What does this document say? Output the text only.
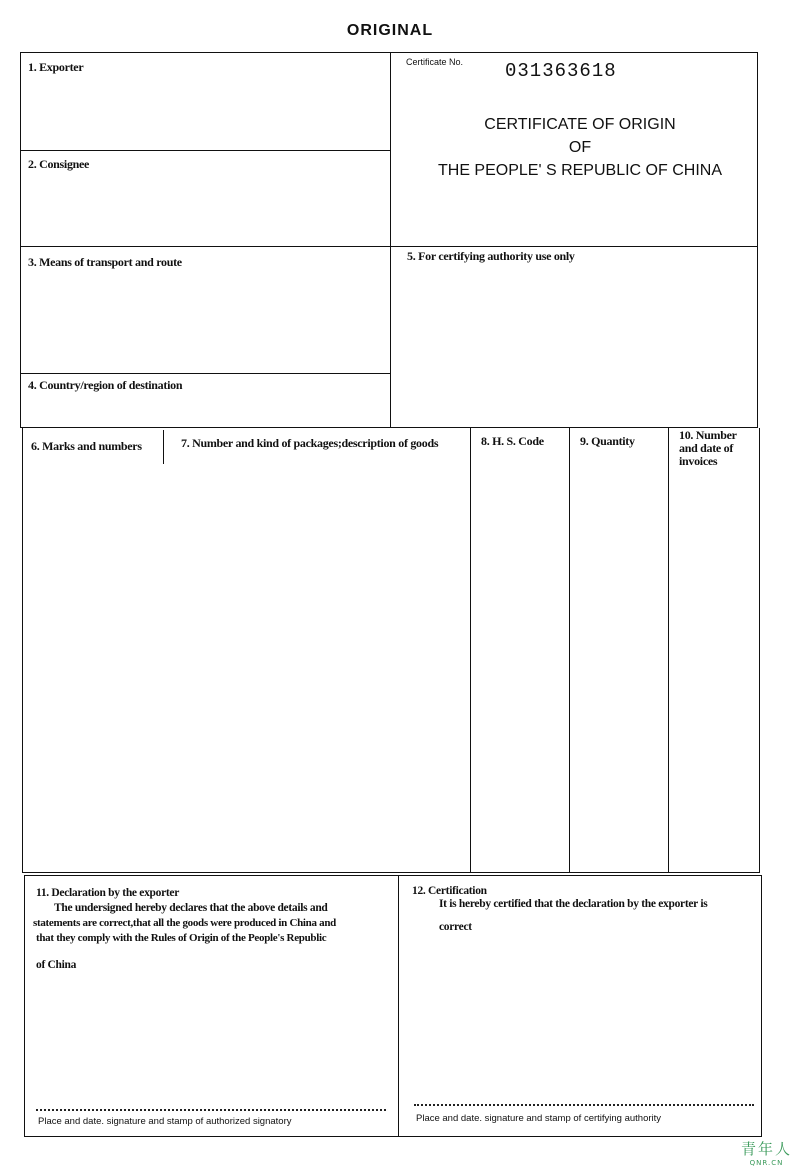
ORIGINAL
1. Exporter
2. Consignee
3. Means of transport and route
4. Country/region of destination
5. For certifying authority use only
Certificate No. 031363618
CERTIFICATE OF ORIGIN
OF
THE PEOPLE' S REPUBLIC OF CHINA
6. Marks and numbers	7. Number and kind of packages;description of goods	8. H. S. Code	9. Quantity	10. Number
and date of
invoices
11. Declaration by the exporter
The undersigned hereby declares that the above details and
statements are correct,that all the goods were produced in China and
that they comply with the Rules of Origin of the People's Republic
of China
Place and date. signature and stamp of authorized signatory
12. Certification
It is hereby certified that the declaration by the exporter is
correct
Place and date. signature and stamp of certifying authority
青年人
QNR.CN
